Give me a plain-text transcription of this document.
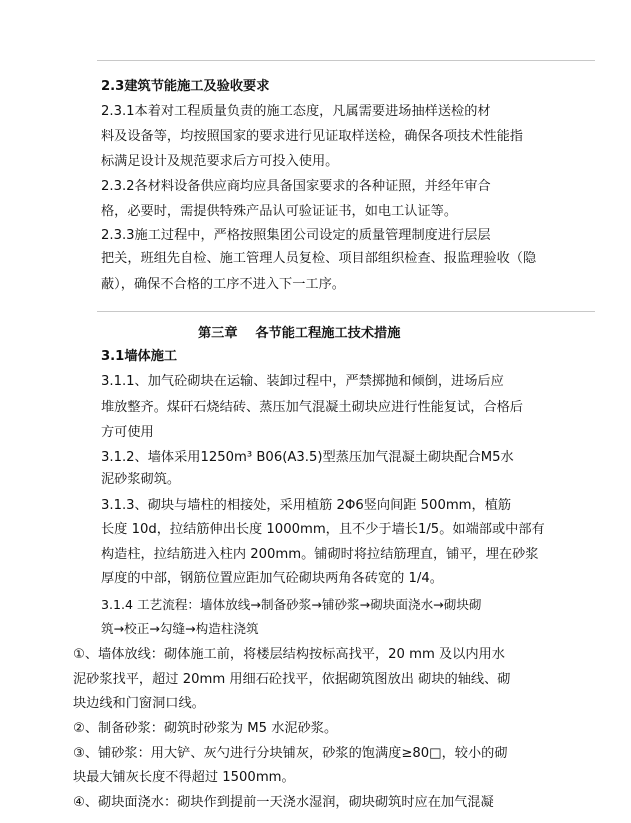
2.3建筑节能施工及验收要求
2.3.1本着对工程质量负责的施工态度，凡属需要进场抽样送检的材
料及设备等，均按照国家的要求进行见证取样送检，确保各项技术性能指
标满足设计及规范要求后方可投入使用。
2.3.2各材料设备供应商均应具备国家要求的各种证照，并经年审合
格，必要时，需提供特殊产品认可验证证书，如电工认证等。
2.3.3施工过程中，严格按照集团公司设定的质量管理制度进行层层
把关，班组先自检、施工管理人员复检、项目部组织检查、报监理验收（隐
蔽），确保不合格的工序不进入下一工序。
第三章　 各节能工程施工技术措施
3.1墙体施工
3.1.1、加气砼砌块在运输、装卸过程中，严禁掷抛和倾倒，进场后应
堆放整齐。煤矸石烧结砖、蒸压加气混凝土砌块应进行性能复试，合格后
方可使用
3.1.2、墙体采用1250m³ B06(A3.5)型蒸压加气混凝土砌块配合M5水
泥砂浆砌筑。
3.1.3、砌块与墙柱的相接处，采用植筋 2Φ6竖向间距 500mm，植筋
长度 10d，拉结筋伸出长度 1000mm，且不少于墙长1/5。如端部或中部有
构造柱，拉结筋进入柱内 200mm。铺砌时将拉结筋理直，铺平，埋在砂浆
厚度的中部，钢筋位置应距加气砼砌块两角各砖宽的 1/4。
3.1.4 工艺流程：墙体放线→制备砂浆→铺砂浆→砌块面浇水→砌块砌
筑→校正→勾缝→构造柱浇筑
①、墙体放线：砌体施工前，将楼层结构按标高找平，20 mm 及以内用水
泥砂浆找平，超过 20mm 用细石砼找平，依据砌筑图放出 砌块的轴线、砌
块边线和门窗洞口线。
②、制备砂浆：砌筑时砂浆为 M5 水泥砂浆。
③、铺砂浆：用大铲、灰勺进行分块铺灰，砂浆的饱满度≥80□，较小的砌
块最大铺灰长度不得超过 1500mm。
④、砌块面浇水：砌块作到提前一天浇水湿润，砌块砌筑时应在加气混凝
